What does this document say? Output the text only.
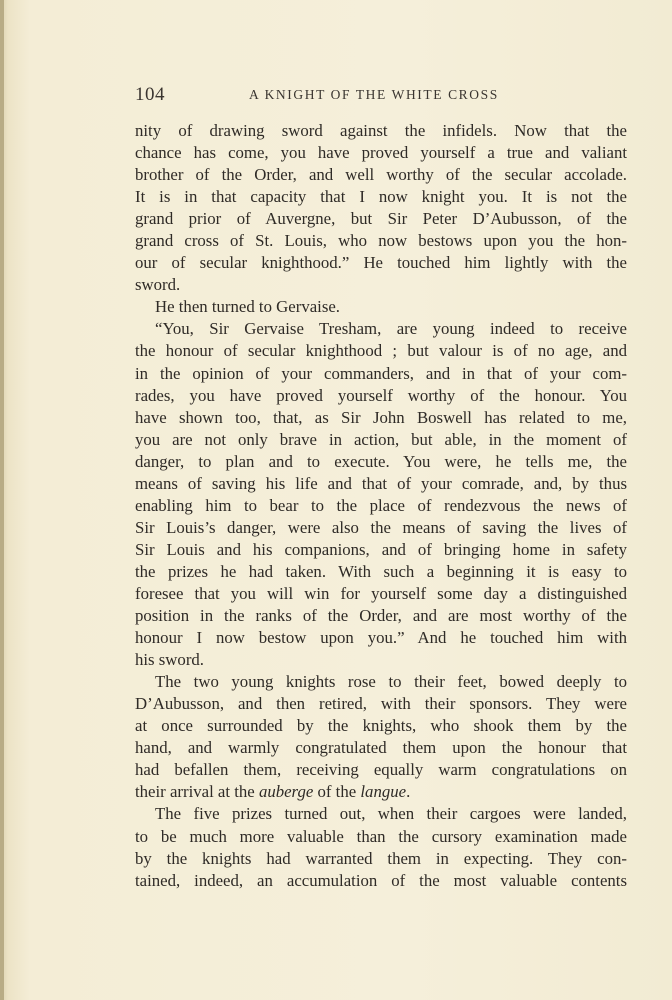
104	A KNIGHT OF THE WHITE CROSS
nity of drawing sword against the infidels. Now that the
chance has come, you have proved yourself a true and valiant
brother of the Order, and well worthy of the secular accolade.
It is in that capacity that I now knight you. It is not the
grand prior of Auvergne, but Sir Peter D’Aubusson, of the
grand cross of St. Louis, who now bestows upon you the hon-
our of secular knighthood.” He touched him lightly with the
sword.
He then turned to Gervaise.
“You, Sir Gervaise Tresham, are young indeed to receive
the honour of secular knighthood ; but valour is of no age, and
in the opinion of your commanders, and in that of your com-
rades, you have proved yourself worthy of the honour. You
have shown too, that, as Sir John Boswell has related to me,
you are not only brave in action, but able, in the moment of
danger, to plan and to execute. You were, he tells me, the
means of saving his life and that of your comrade, and, by thus
enabling him to bear to the place of rendezvous the news of
Sir Louis’s danger, were also the means of saving the lives of
Sir Louis and his companions, and of bringing home in safety
the prizes he had taken. With such a beginning it is easy to
foresee that you will win for yourself some day a distinguished
position in the ranks of the Order, and are most worthy of the
honour I now bestow upon you.” And he touched him with
his sword.
The two young knights rose to their feet, bowed deeply to
D’Aubusson, and then retired, with their sponsors. They were
at once surrounded by the knights, who shook them by the
hand, and warmly congratulated them upon the honour that
had befallen them, receiving equally warm congratulations on
their arrival at the auberge of the langue.
The five prizes turned out, when their cargoes were landed,
to be much more valuable than the cursory examination made
by the knights had warranted them in expecting. They con-
tained, indeed, an accumulation of the most valuable contents
